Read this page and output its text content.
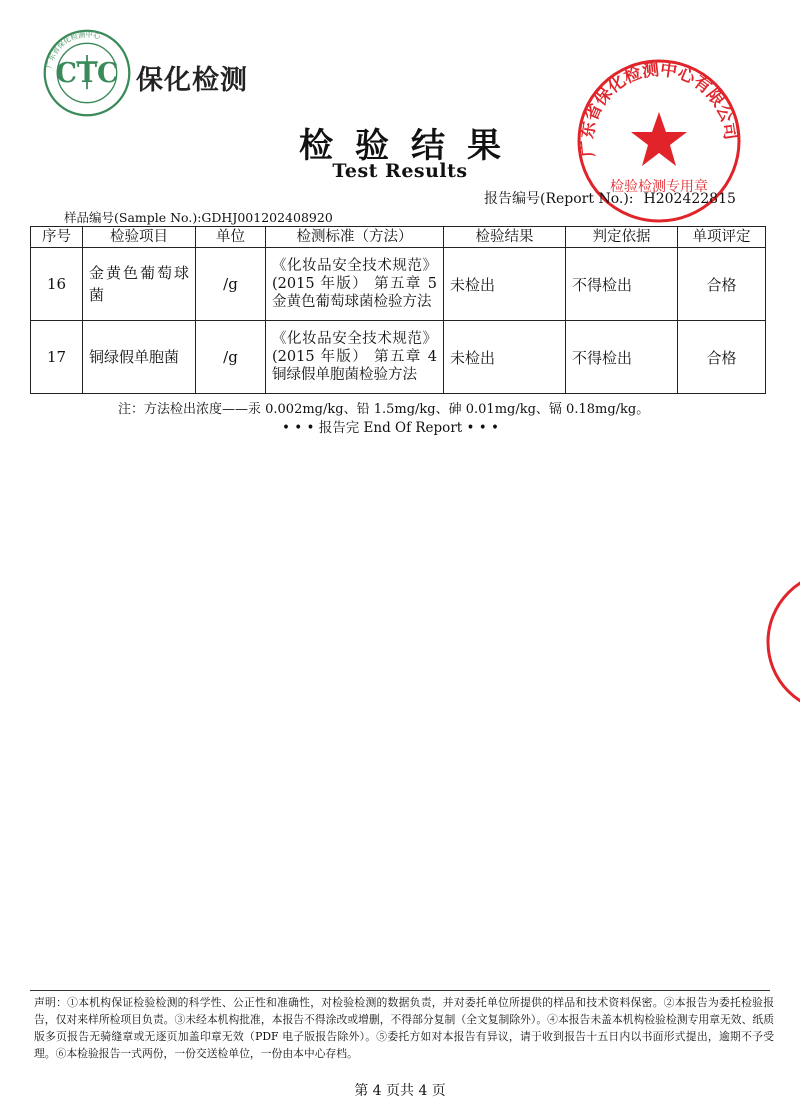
广东省保化检测中心
CTC 保化检测
广东省保化检测中心有限公司
检验检测专用章
检验结果
Test Results
报告编号(Report No.): H202422815
样品编号(Sample No.):GDHJ001202408920
序号	检验项目	单位	检测标准（方法）	检验结果	判定依据	单项评定
16	金黄色葡萄球菌	/g	《化妆品安全技术规范》(2015 年版） 第五章 5 金黄色葡萄球菌检验方法	未检出	不得检出	合格
17	铜绿假单胞菌	/g	《化妆品安全技术规范》(2015 年版） 第五章 4 铜绿假单胞菌检验方法	未检出	不得检出	合格
注：方法检出浓度——汞 0.002mg/kg、铅 1.5mg/kg、砷 0.01mg/kg、镉 0.18mg/kg。
• • • 报告完 End Of Report • • •
声明：①本机构保证检验检测的科学性、公正性和准确性，对检验检测的数据负责，并对委托单位所提供的样品和技术资料保密。②本报告为委托检验报告，仅对来样所检项目负责。③未经本机构批准，本报告不得涂改或增删，不得部分复制（全文复制除外）。④本报告未盖本机构检验检测专用章无效、纸质版多页报告无骑缝章或无逐页加盖印章无效（PDF 电子版报告除外）。⑤委托方如对本报告有异议，请于收到报告十五日内以书面形式提出，逾期不予受理。⑥本检验报告一式两份，一份交送检单位，一份由本中心存档。
第 4 页共 4 页
